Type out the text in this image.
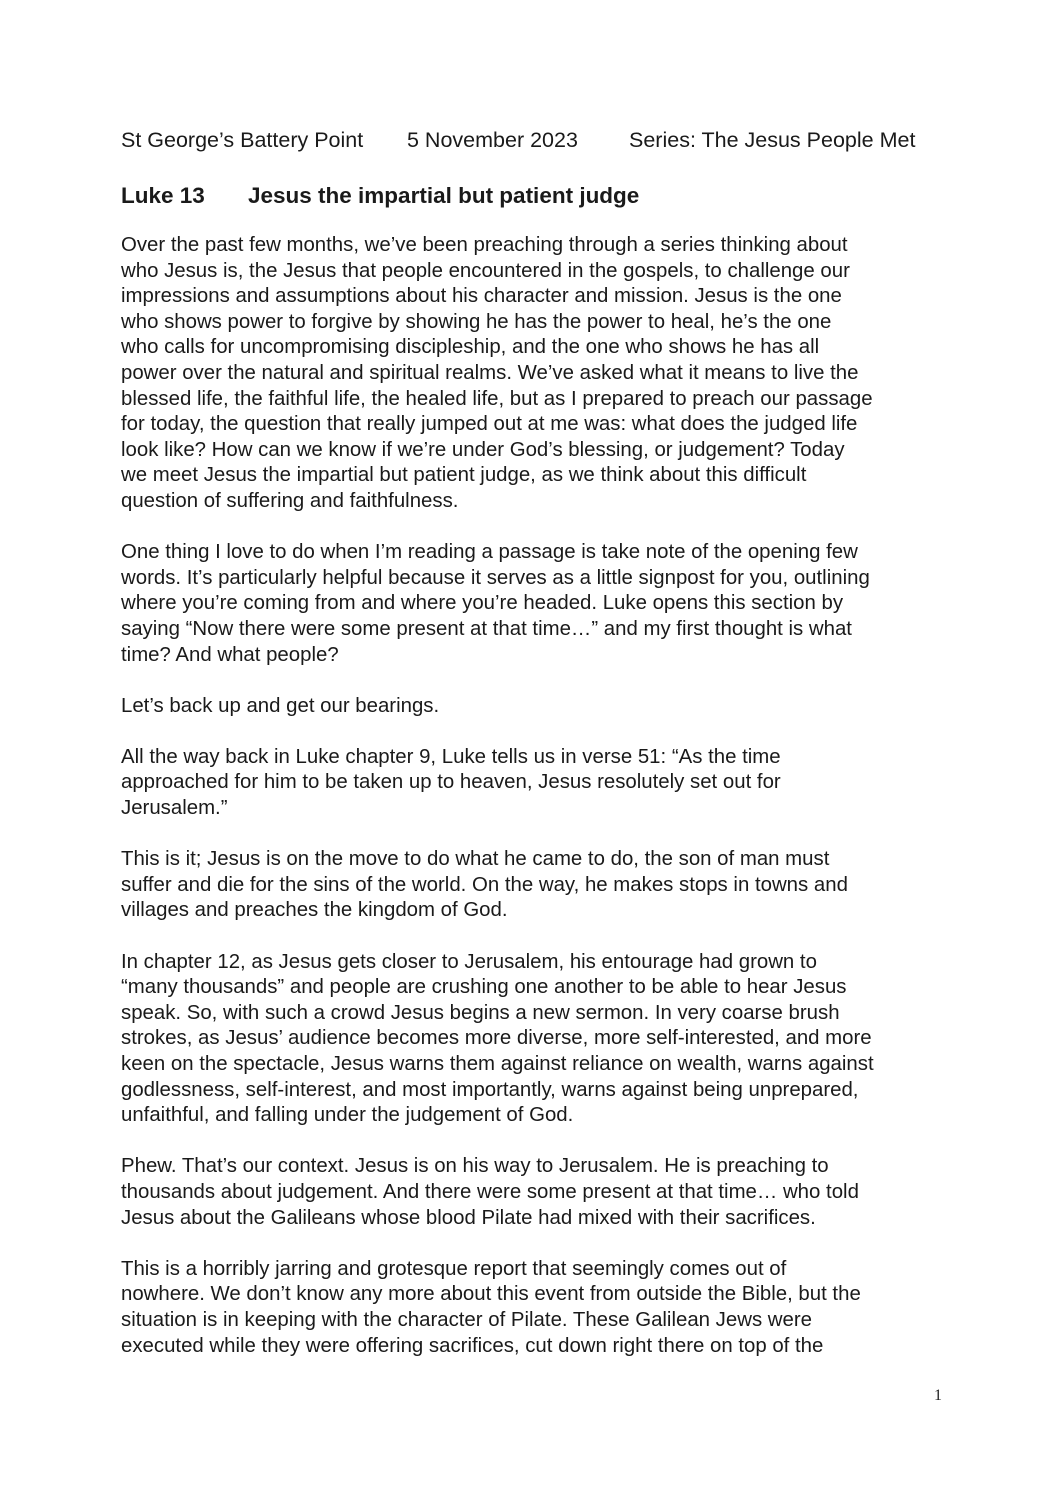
St George’s Battery Point 5 November 2023 Series: The Jesus People Met
Luke 13 Jesus the impartial but patient judge

Over the past few months, we’ve been preaching through a series thinking about
who Jesus is, the Jesus that people encountered in the gospels, to challenge our
impressions and assumptions about his character and mission. Jesus is the one
who shows power to forgive by showing he has the power to heal, he’s the one
who calls for uncompromising discipleship, and the one who shows he has all
power over the natural and spiritual realms. We’ve asked what it means to live the
blessed life, the faithful life, the healed life, but as I prepared to preach our passage
for today, the question that really jumped out at me was: what does the judged life
look like? How can we know if we’re under God’s blessing, or judgement? Today
we meet Jesus the impartial but patient judge, as we think about this difficult
question of suffering and faithfulness.

One thing I love to do when I’m reading a passage is take note of the opening few
words. It’s particularly helpful because it serves as a little signpost for you, outlining
where you’re coming from and where you’re headed. Luke opens this section by
saying “Now there were some present at that time…” and my first thought is what
time? And what people?

Let’s back up and get our bearings.

All the way back in Luke chapter 9, Luke tells us in verse 51: “As the time
approached for him to be taken up to heaven, Jesus resolutely set out for
Jerusalem.”

This is it; Jesus is on the move to do what he came to do, the son of man must
suffer and die for the sins of the world. On the way, he makes stops in towns and
villages and preaches the kingdom of God.

In chapter 12, as Jesus gets closer to Jerusalem, his entourage had grown to
“many thousands” and people are crushing one another to be able to hear Jesus
speak. So, with such a crowd Jesus begins a new sermon. In very coarse brush
strokes, as Jesus’ audience becomes more diverse, more self-interested, and more
keen on the spectacle, Jesus warns them against reliance on wealth, warns against
godlessness, self-interest, and most importantly, warns against being unprepared,
unfaithful, and falling under the judgement of God.

Phew. That’s our context. Jesus is on his way to Jerusalem. He is preaching to
thousands about judgement. And there were some present at that time… who told
Jesus about the Galileans whose blood Pilate had mixed with their sacrifices.

This is a horribly jarring and grotesque report that seemingly comes out of
nowhere. We don’t know any more about this event from outside the Bible, but the
situation is in keeping with the character of Pilate. These Galilean Jews were
executed while they were offering sacrifices, cut down right there on top of the

1
